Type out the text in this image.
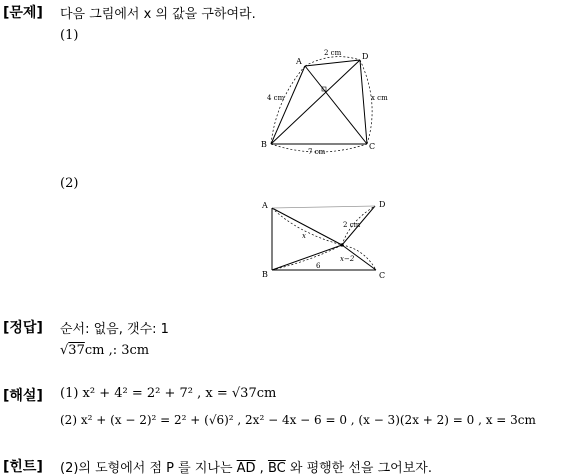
[문제] 다음 그림에서 x 의 값을 구하여라.
(1)
A
D
B	C
2 cm
4 cm	x cm
7 cm
(2)
A	D
B	C
2 cm
x
6
x−2
[정답] 순서: 없음, 갯수: 1
√37cm ,: 3cm
[해설] (1) x² + 4² = 2² + 7² , x = √37cm
(2) x² + (x − 2)² = 2² + (√6)² , 2x² − 4x − 6 = 0 , (x − 3)(2x + 2) = 0 , x = 3cm
[힌트] (2)의 도형에서 점 P 를 지나는 $\overline{AD}$ , $\overline{BC}$ 와 평행한 선을 그어보자.
